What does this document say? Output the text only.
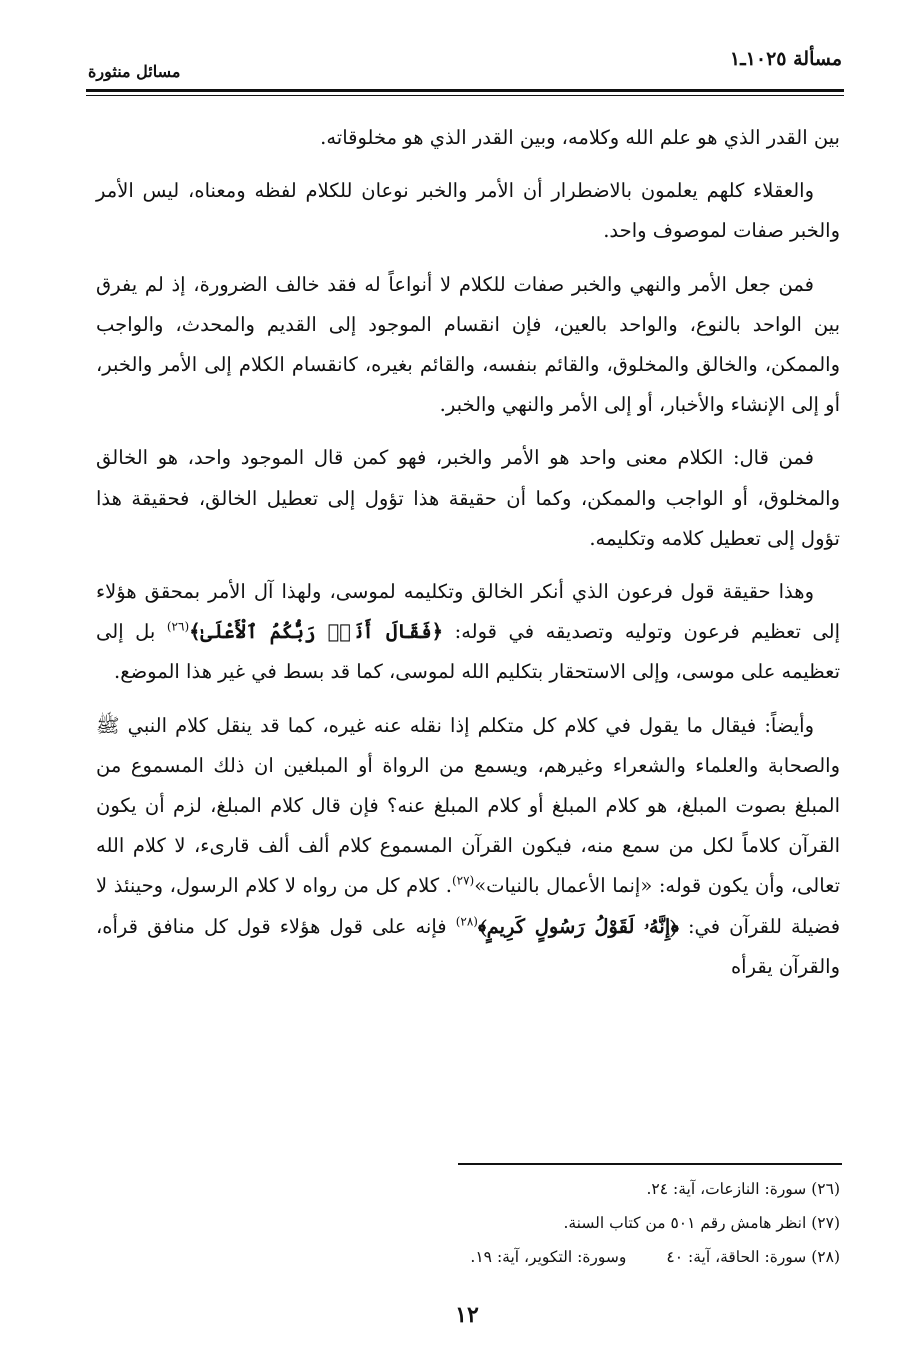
مسألة ١٠٢٥ـ١
مسائل منثورة

بين القدر الذي هو علم الله وكلامه، وبين القدر الذي هو مخلوقاته.

والعقلاء كلهم يعلمون بالاضطرار أن الأمر والخبر نوعان للكلام لفظه ومعناه، ليس الأمر والخبر صفات لموصوف واحد.

فمن جعل الأمر والنهي والخبر صفات للكلام لا أنواعاً له فقد خالف الضرورة، إذ لم يفرق بين الواحد بالنوع، والواحد بالعين، فإن انقسام الموجود إلى القديم والمحدث، والواجب والممكن، والخالق والمخلوق، والقائم بنفسه، والقائم بغيره، كانقسام الكلام إلى الأمر والخبر، أو إلى الإنشاء والأخبار، أو إلى الأمر والنهي والخبر.

فمن قال: الكلام معنى واحد هو الأمر والخبر، فهو كمن قال الموجود واحد، هو الخالق والمخلوق، أو الواجب والممكن، وكما أن حقيقة هذا تؤول إلى تعطيل الخالق، فحقيقة هذا تؤول إلى تعطيل كلامه وتكليمه.

وهذا حقيقة قول فرعون الذي أنكر الخالق وتكليمه لموسى، ولهذا آل الأمر بمحقق هؤلاء إلى تعظيم فرعون وتوليه وتصديقه في قوله: ﴿فَقَالَ أَنَا۠ رَبُّكُمُ ٱلْأَعْلَىٰ﴾$^{(٢٦)}$ بل إلى تعظيمه على موسى، وإلى الاستحقار بتكليم الله لموسى، كما قد بسط في غير هذا الموضع.

وأيضاً: فيقال ما يقول في كلام كل متكلم إذا نقله عنه غيره، كما قد ينقل كلام النبي ﷺ والصحابة والعلماء والشعراء وغيرهم، ويسمع من الرواة أو المبلغين ان ذلك المسموع من المبلغ بصوت المبلغ، هو كلام المبلغ أو كلام المبلغ عنه؟ فإن قال كلام المبلغ، لزم أن يكون القرآن كلاماً لكل من سمع منه، فيكون القرآن المسموع كلام ألف ألف قارىء، لا كلام الله تعالى، وأن يكون قوله: «إنما الأعمال بالنيات»$^{(٢٧)}$. كلام كل من رواه لا كلام الرسول، وحينئذ لا فضيلة للقرآن في: ﴿إِنَّهُۥ لَقَوْلُ رَسُولٍ كَرِيمٍ﴾$^{(٢٨)}$ فإنه على قول هؤلاء قول كل منافق قرأه، والقرآن يقرأه

(٢٦) سورة: النازعات، آية: ٢٤.
(٢٧) انظر هامش رقم ٥٠١ من كتاب السنة.
(٢٨) سورة: الحاقة، آية: ٤٠وسورة: التكوير، آية: ١٩.
١٢
